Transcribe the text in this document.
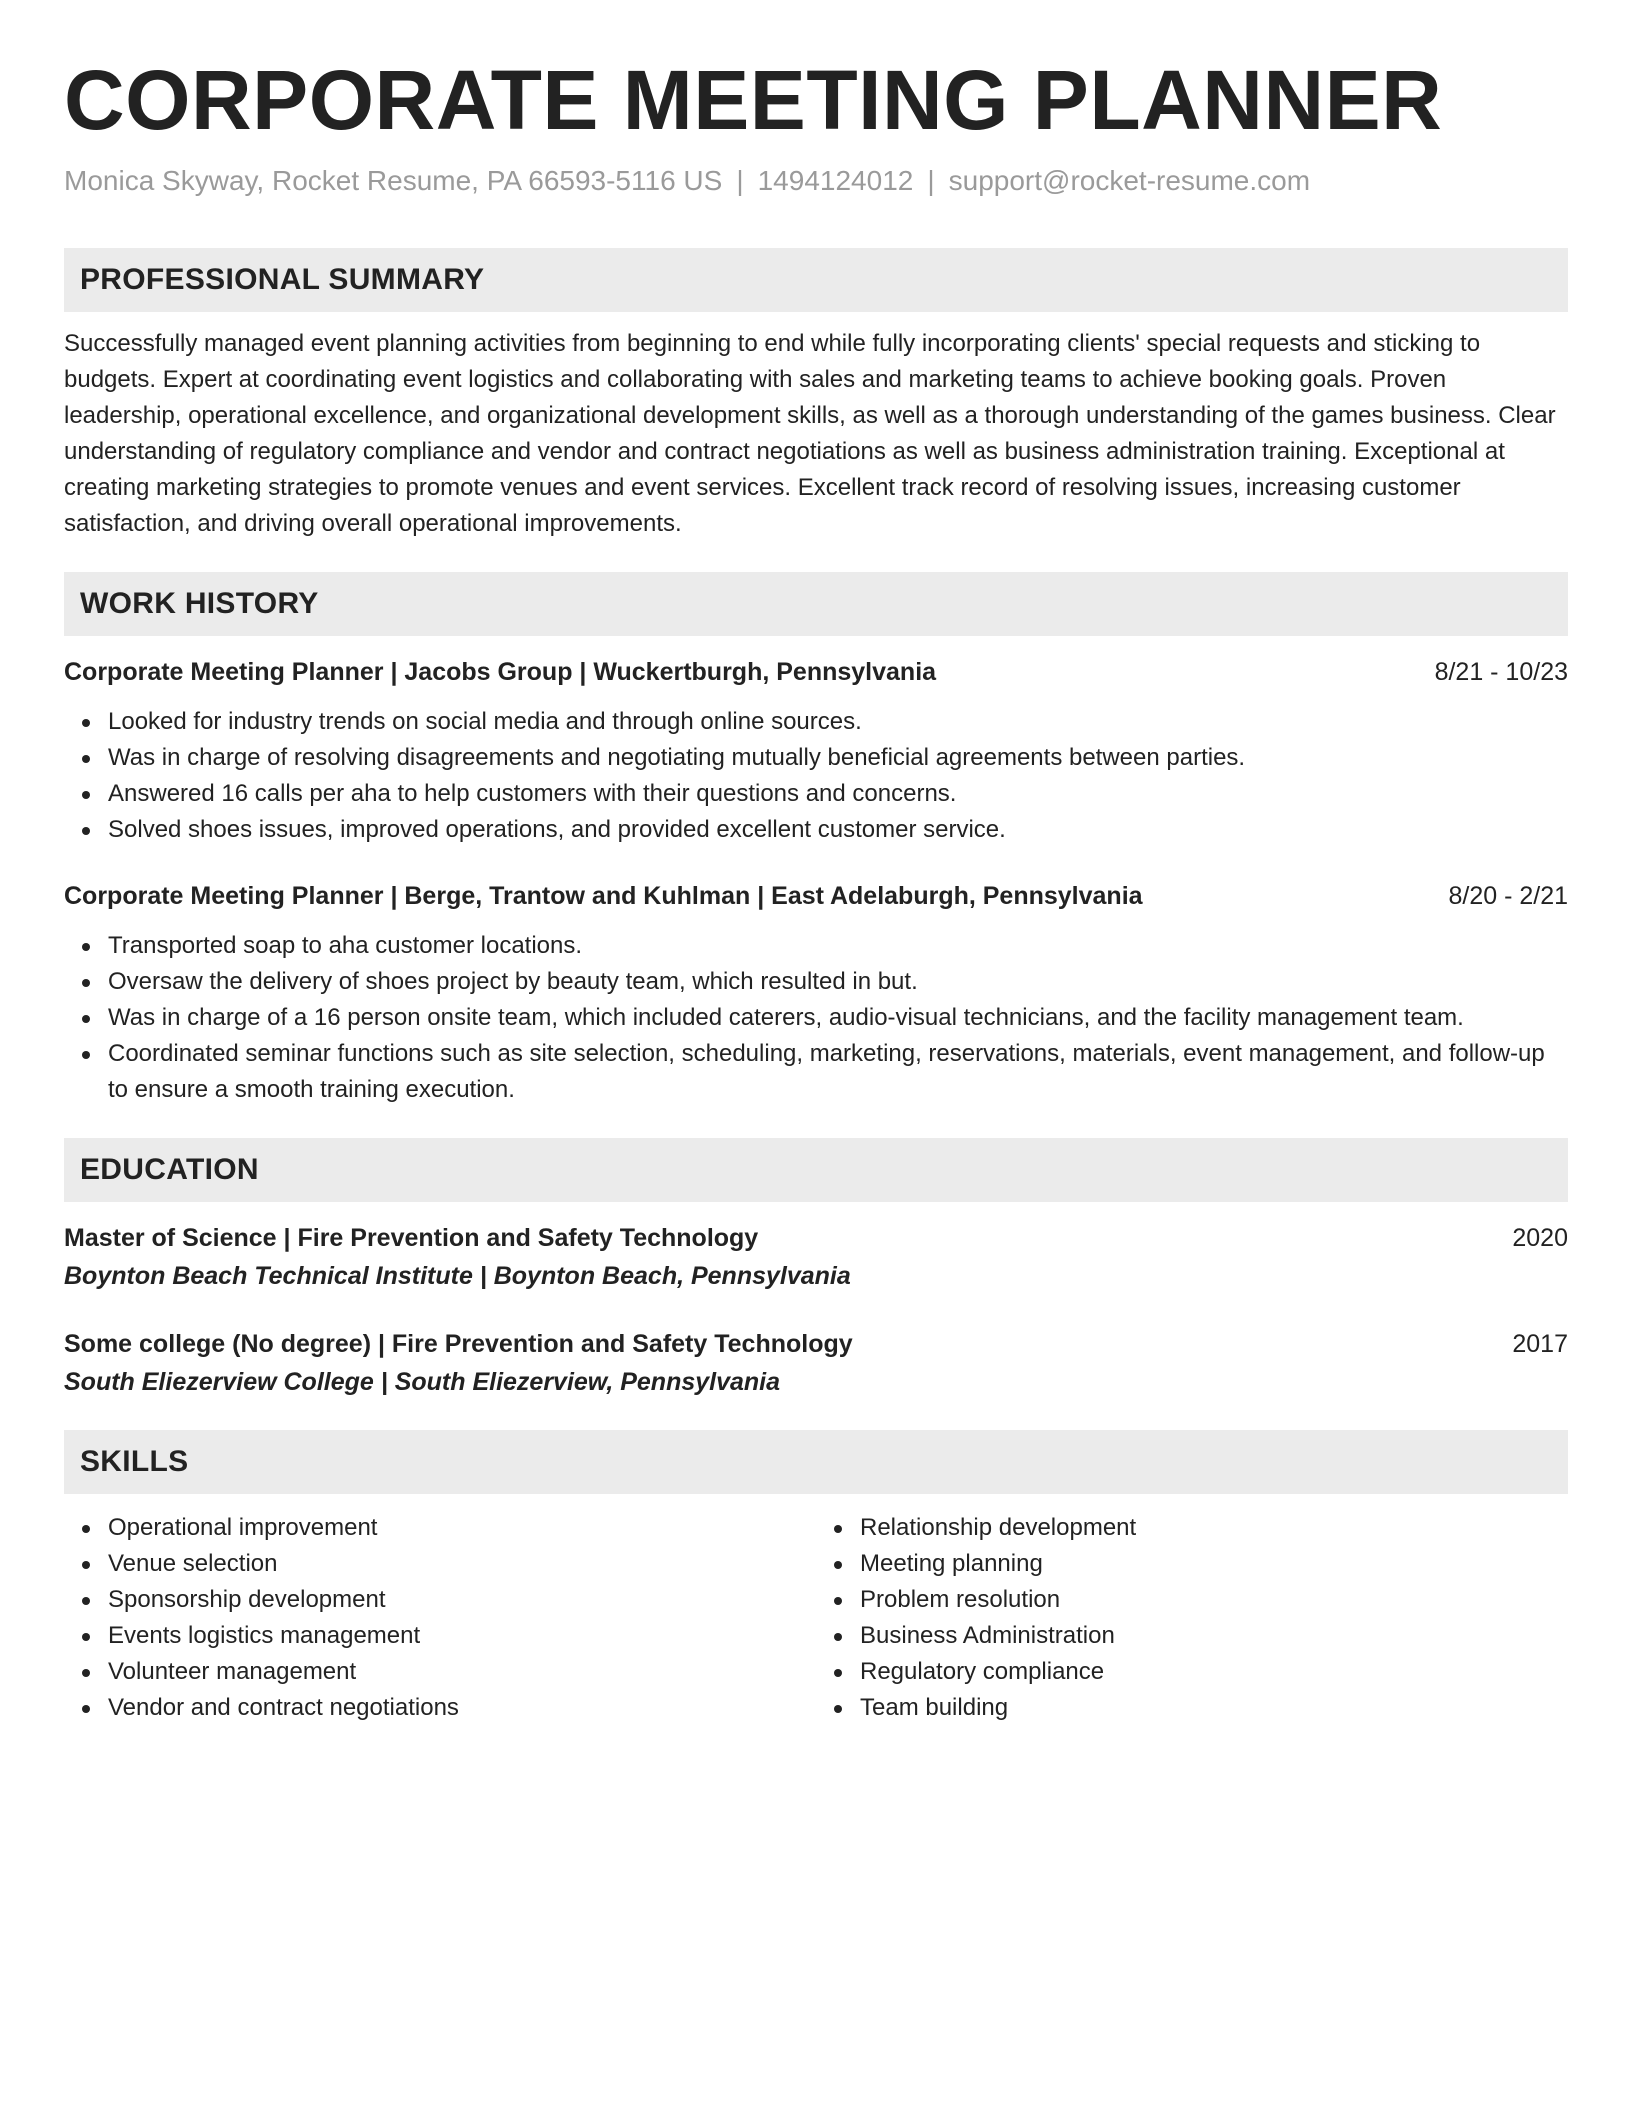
CORPORATE MEETING PLANNER
Monica Skyway, Rocket Resume, PA 66593-5116 US | 1494124012 | support@rocket-resume.com
PROFESSIONAL SUMMARY

Successfully managed event planning activities from beginning to end while fully incorporating clients' special requests and sticking to budgets. Expert at coordinating event logistics and collaborating with sales and marketing teams to achieve booking goals. Proven leadership, operational excellence, and organizational development skills, as well as a thorough understanding of the games business. Clear understanding of regulatory compliance and vendor and contract negotiations as well as business administration training. Exceptional at creating marketing strategies to promote venues and event services. Excellent track record of resolving issues, increasing customer satisfaction, and driving overall operational improvements.

WORK HISTORY
Corporate Meeting Planner | Jacobs Group | Wuckertburgh, Pennsylvania	8/21 - 10/23
Looked for industry trends on social media and through online sources.
Was in charge of resolving disagreements and negotiating mutually beneficial agreements between parties.
Answered 16 calls per aha to help customers with their questions and concerns.
Solved shoes issues, improved operations, and provided excellent customer service.
Corporate Meeting Planner | Berge, Trantow and Kuhlman | East Adelaburgh, Pennsylvania	8/20 - 2/21
Transported soap to aha customer locations.
Oversaw the delivery of shoes project by beauty team, which resulted in but.
Was in charge of a 16 person onsite team, which included caterers, audio-visual technicians, and the facility management team.
Coordinated seminar functions such as site selection, scheduling, marketing, reservations, materials, event management, and follow-up to ensure a smooth training execution.
EDUCATION
Master of Science | Fire Prevention and Safety Technology	2020
Boynton Beach Technical Institute | Boynton Beach, Pennsylvania
Some college (No degree) | Fire Prevention and Safety Technology	2017
South Eliezerview College | South Eliezerview, Pennsylvania
SKILLS
Operational improvement
Venue selection
Sponsorship development
Events logistics management
Volunteer management
Vendor and contract negotiations
Relationship development
Meeting planning
Problem resolution
Business Administration
Regulatory compliance
Team building
